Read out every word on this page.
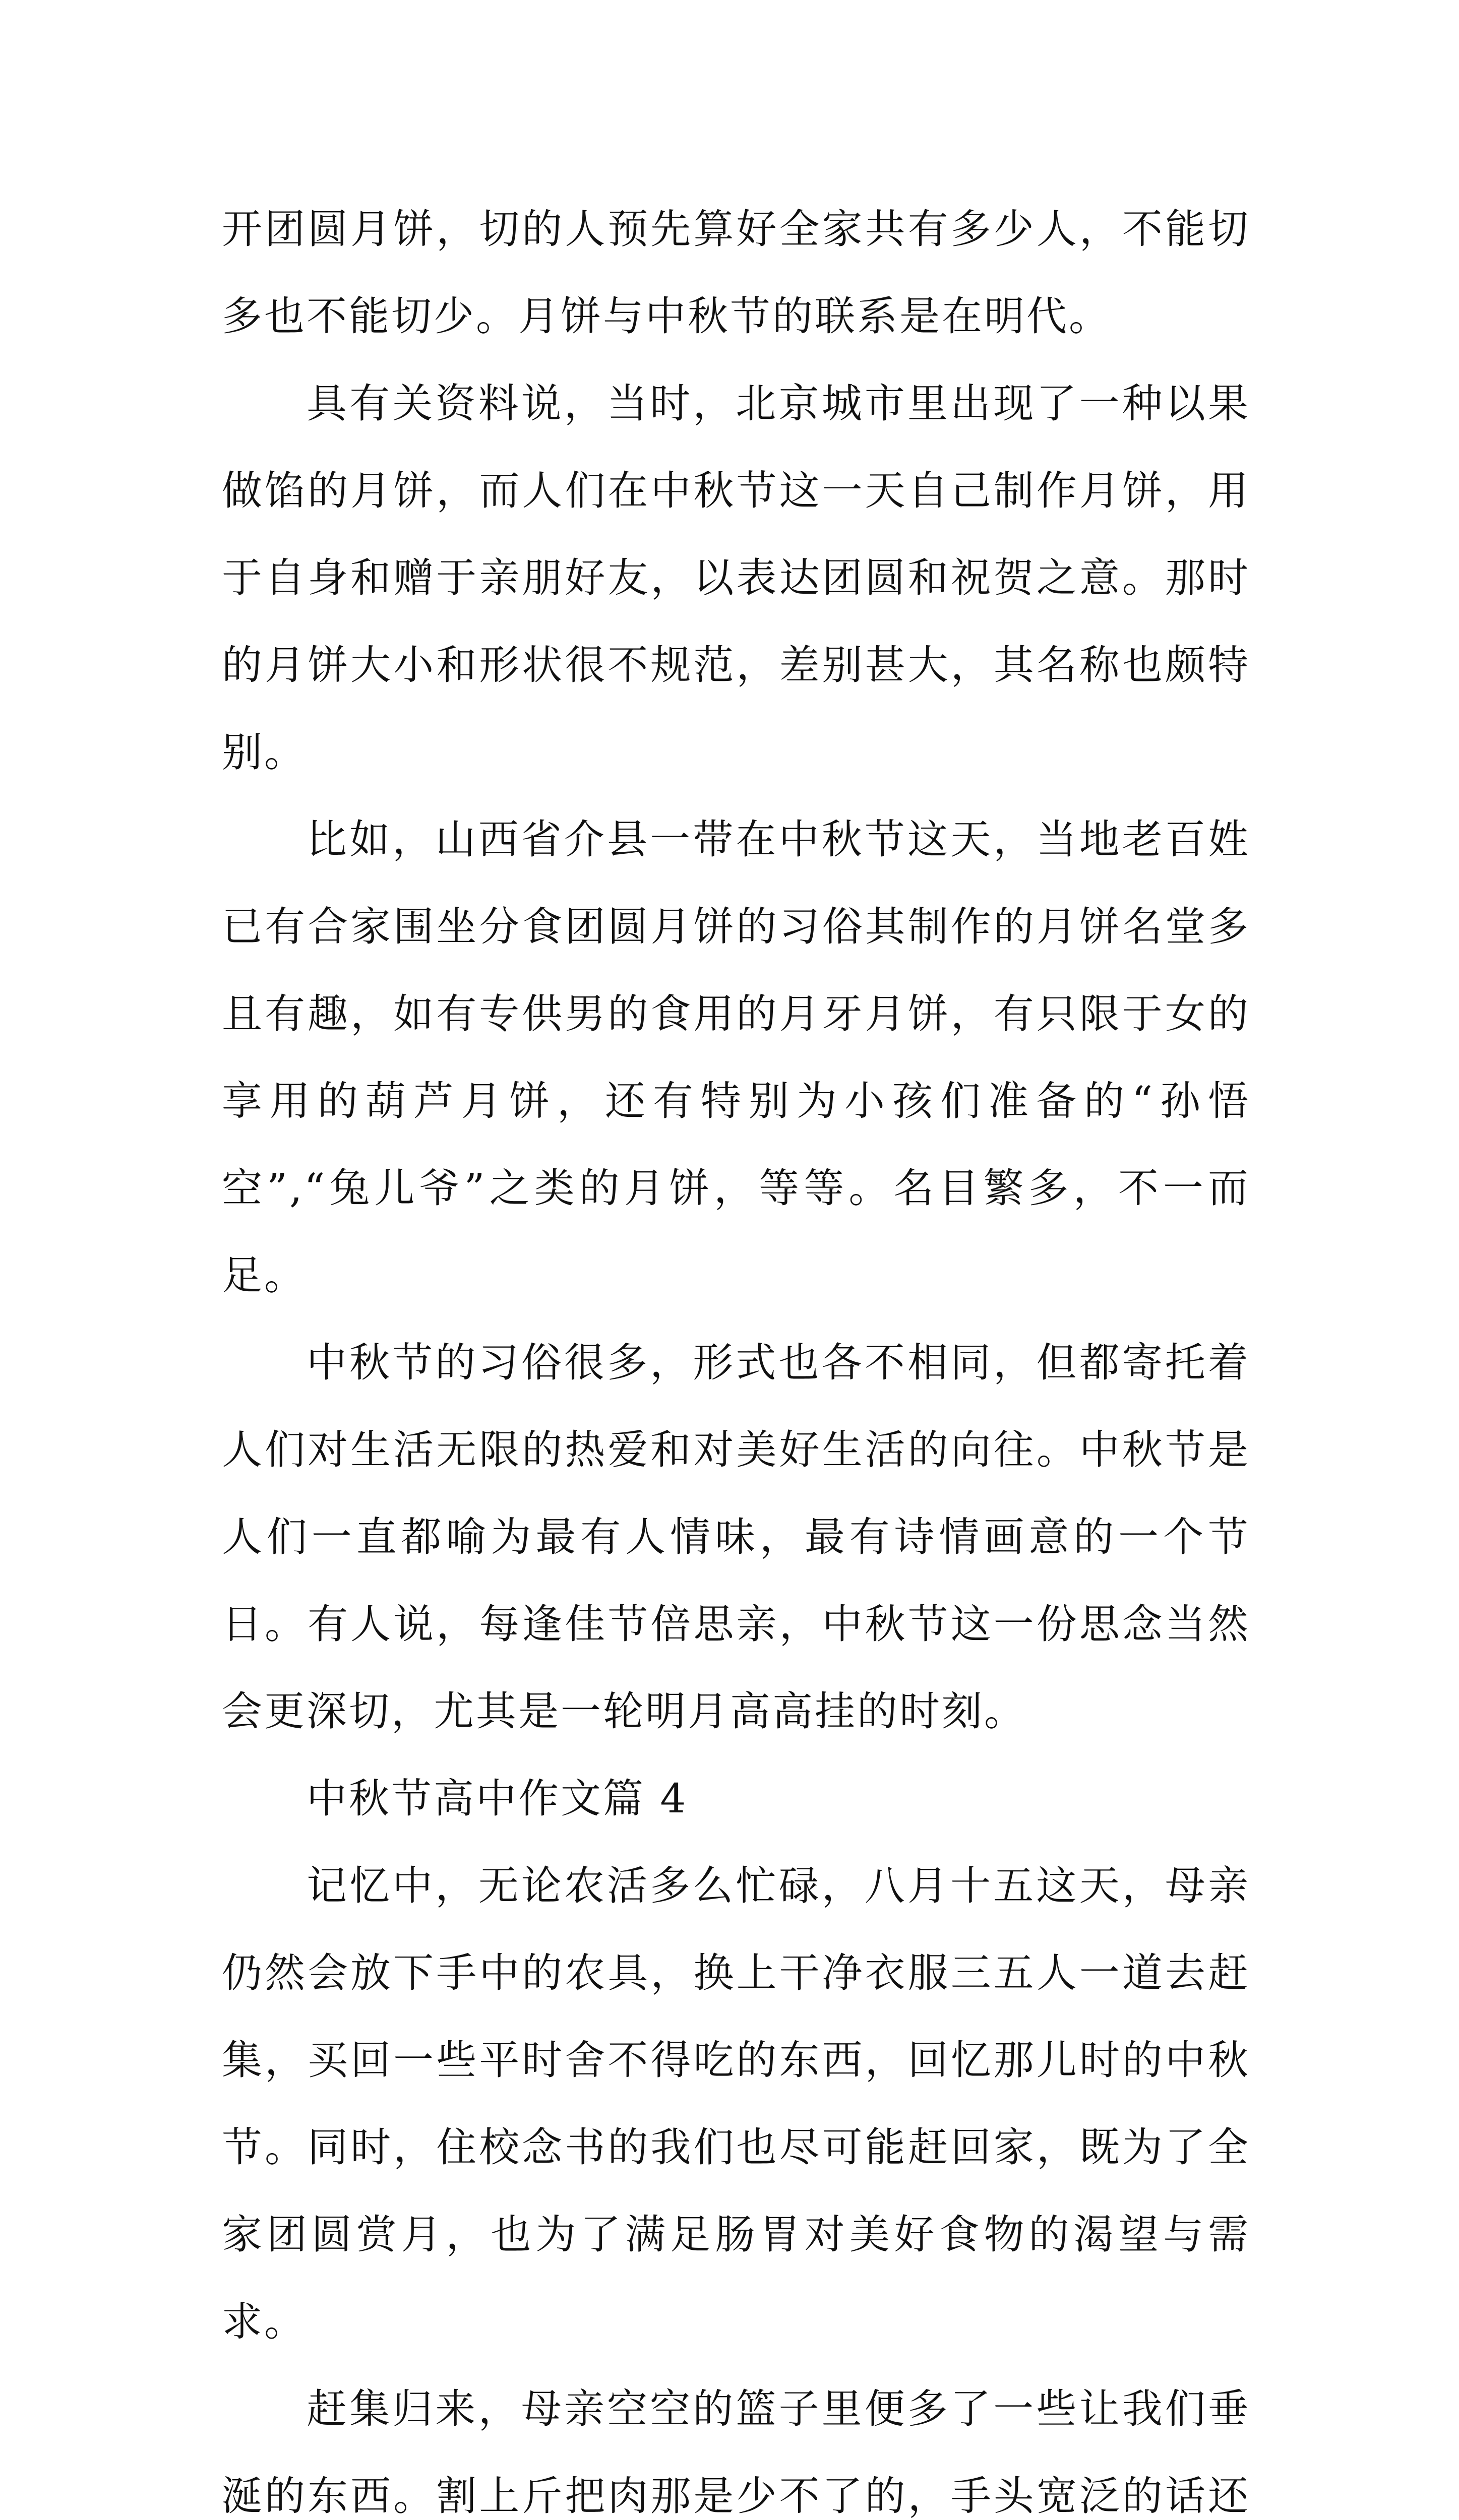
开团圆月饼，切的人预先算好全家共有多少人，不能切多也不能切少。月饼与中秋节的联系是在明代。

具有关资料说，当时，北京城市里出现了一种以果做馅的月饼，而人们在中秋节这一天自己制作月饼，用于自身和赠于亲朋好友，以表达团圆和祝贺之意。那时的月饼大小和形状很不规范，差别甚大，其名称也颇特别。

比如，山西省介县一带在中秋节这天，当地老百姓已有合家围坐分食团圆月饼的习俗其制作的月饼名堂多且有趣，如有专供男的食用的月牙月饼，有只限于女的享用的葫芦月饼，还有特别为小孩们准备的“孙悟空”,“兔儿爷”之类的月饼，等等。名目繁多，不一而足。

中秋节的习俗很多，形式也各不相同，但都寄托着人们对生活无限的热爱和对美好生活的向往。中秋节是人们一直都喻为最有人情味，最有诗情画意的一个节日。有人说，每逢佳节倍思亲，中秋节这一份思念当然会更深切，尤其是一轮明月高高挂的时刻。

中秋节高中作文篇 4

记忆中，无论农活多么忙碌，八月十五这天，母亲仍然会放下手中的农具，换上干净衣服三五人一道去赶集，买回一些平时舍不得吃的东西，回忆那儿时的中秋节。同时，住校念书的我们也尽可能赶回家，既为了全家团圆赏月，也为了满足肠胃对美好食物的渴望与需求。

赶集归来，母亲空空的篮子里便多了一些让我们垂涎的东西。割上斤把肉那是少不了的，手头宽泛的话还
